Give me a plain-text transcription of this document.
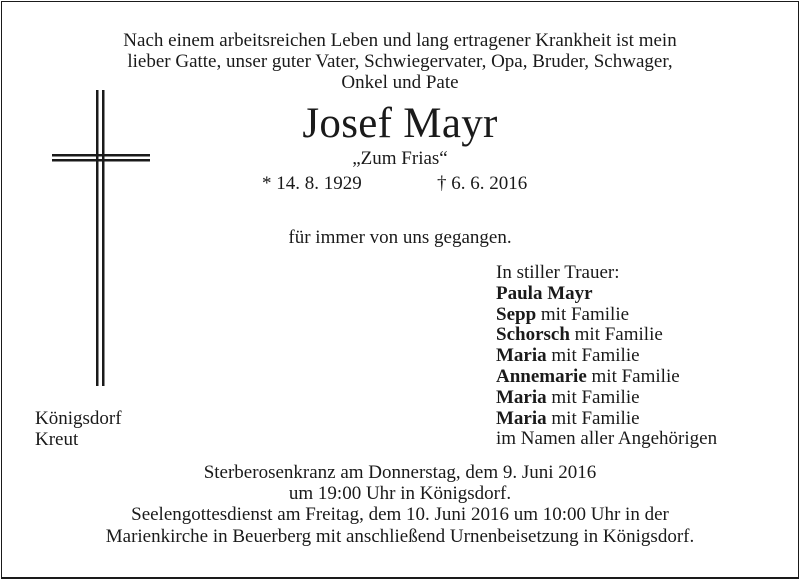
Nach einem arbeitsreichen Leben und lang ertragener Krankheit ist mein
lieber Gatte, unser guter Vater, Schwiegervater, Opa, Bruder, Schwager,
Onkel und Pate
Josef Mayr
„Zum Frias“
* 14. 8. 1929	† 6. 6. 2016
für immer von uns gegangen.
In stiller Trauer:
Paula Mayr
Sepp mit Familie
Schorsch mit Familie
Maria mit Familie
Annemarie mit Familie
Maria mit Familie
Maria mit Familie
im Namen aller Angehörigen
Königsdorf
Kreut
Sterberosenkranz am Donnerstag, dem 9. Juni 2016
um 19:00 Uhr in Königsdorf.
Seelengottesdienst am Freitag, dem 10. Juni 2016 um 10:00 Uhr in der
Marienkirche in Beuerberg mit anschließend Urnenbeisetzung in Königsdorf.
